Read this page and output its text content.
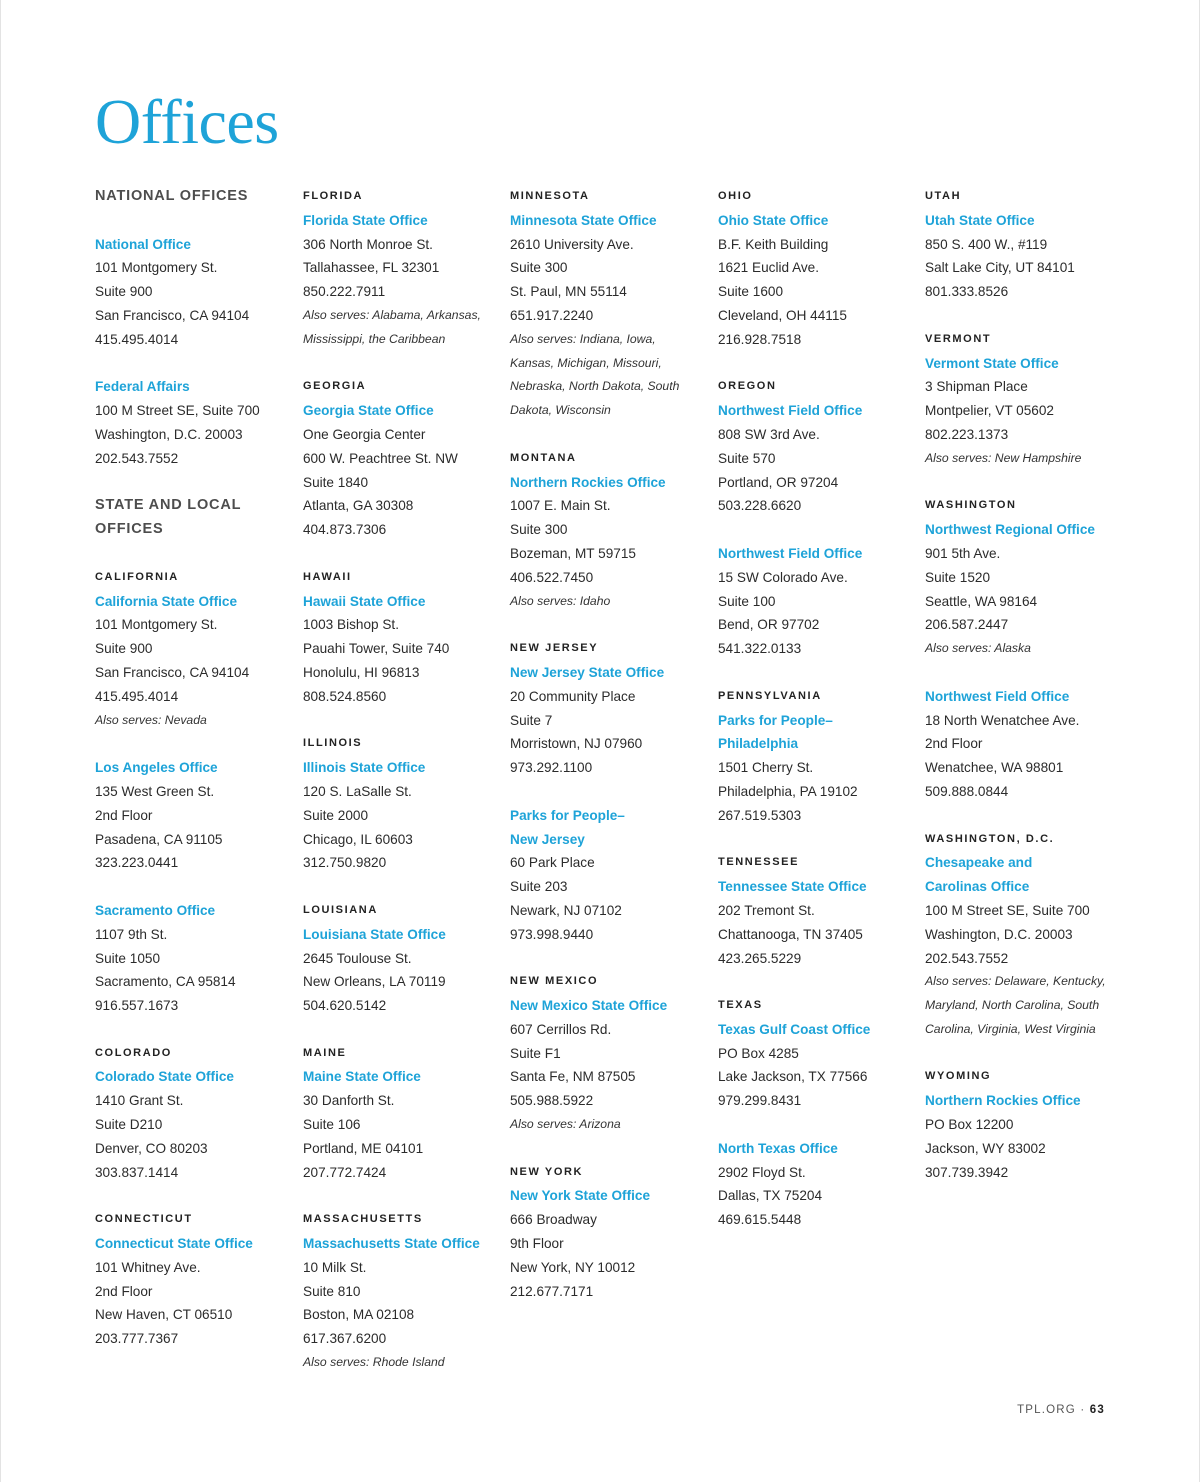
Offices
NATIONAL OFFICES
National Office
101 Montgomery St.
Suite 900
San Francisco, CA 94104
415.495.4014
Federal Affairs
100 M Street SE, Suite 700
Washington, D.C. 20003
202.543.7552
STATE AND LOCAL
OFFICES
CALIFORNIA
California State Office
101 Montgomery St.
Suite 900
San Francisco, CA 94104
415.495.4014
Also serves: Nevada
Los Angeles Office
135 West Green St.
2nd Floor
Pasadena, CA 91105
323.223.0441
Sacramento Office
1107 9th St.
Suite 1050
Sacramento, CA 95814
916.557.1673
COLORADO
Colorado State Office
1410 Grant St.
Suite D210
Denver, CO 80203
303.837.1414
CONNECTICUT
Connecticut State Office
101 Whitney Ave.
2nd Floor
New Haven, CT 06510
203.777.7367
FLORIDA
Florida State Office
306 North Monroe St.
Tallahassee, FL 32301
850.222.7911
Also serves: Alabama, Arkansas,
Mississippi, the Caribbean
GEORGIA
Georgia State Office
One Georgia Center
600 W. Peachtree St. NW
Suite 1840
Atlanta, GA 30308
404.873.7306
HAWAII
Hawaii State Office
1003 Bishop St.
Pauahi Tower, Suite 740
Honolulu, HI 96813
808.524.8560
ILLINOIS
Illinois State Office
120 S. LaSalle St.
Suite 2000
Chicago, IL 60603
312.750.9820
LOUISIANA
Louisiana State Office
2645 Toulouse St.
New Orleans, LA 70119
504.620.5142
MAINE
Maine State Office
30 Danforth St.
Suite 106
Portland, ME 04101
207.772.7424
MASSACHUSETTS
Massachusetts State Office
10 Milk St.
Suite 810
Boston, MA 02108
617.367.6200
Also serves: Rhode Island
MINNESOTA
Minnesota State Office
2610 University Ave.
Suite 300
St. Paul, MN 55114
651.917.2240
Also serves: Indiana, Iowa,
Kansas, Michigan, Missouri,
Nebraska, North Dakota, South
Dakota, Wisconsin
MONTANA
Northern Rockies Office
1007 E. Main St.
Suite 300
Bozeman, MT 59715
406.522.7450
Also serves: Idaho
NEW JERSEY
New Jersey State Office
20 Community Place
Suite 7
Morristown, NJ 07960
973.292.1100
Parks for People–
New Jersey
60 Park Place
Suite 203
Newark, NJ 07102
973.998.9440
NEW MEXICO
New Mexico State Office
607 Cerrillos Rd.
Suite F1
Santa Fe, NM 87505
505.988.5922
Also serves: Arizona
NEW YORK
New York State Office
666 Broadway
9th Floor
New York, NY 10012
212.677.7171
OHIO
Ohio State Office
B.F. Keith Building
1621 Euclid Ave.
Suite 1600
Cleveland, OH 44115
216.928.7518
OREGON
Northwest Field Office
808 SW 3rd Ave.
Suite 570
Portland, OR 97204
503.228.6620
Northwest Field Office
15 SW Colorado Ave.
Suite 100
Bend, OR 97702
541.322.0133
PENNSYLVANIA
Parks for People–
Philadelphia
1501 Cherry St.
Philadelphia, PA 19102
267.519.5303
TENNESSEE
Tennessee State Office
202 Tremont St.
Chattanooga, TN 37405
423.265.5229
TEXAS
Texas Gulf Coast Office
PO Box 4285
Lake Jackson, TX 77566
979.299.8431
North Texas Office
2902 Floyd St.
Dallas, TX 75204
469.615.5448
UTAH
Utah State Office
850 S. 400 W., #119
Salt Lake City, UT 84101
801.333.8526
VERMONT
Vermont State Office
3 Shipman Place
Montpelier, VT 05602
802.223.1373
Also serves: New Hampshire
WASHINGTON
Northwest Regional Office
901 5th Ave.
Suite 1520
Seattle, WA 98164
206.587.2447
Also serves: Alaska
Northwest Field Office
18 North Wenatchee Ave.
2nd Floor
Wenatchee, WA 98801
509.888.0844
WASHINGTON, D.C.
Chesapeake and
Carolinas Office
100 M Street SE, Suite 700
Washington, D.C. 20003
202.543.7552
Also serves: Delaware, Kentucky,
Maryland, North Carolina, South
Carolina, Virginia, West Virginia
WYOMING
Northern Rockies Office
PO Box 12200
Jackson, WY 83002
307.739.3942
TPL.ORG · 63
